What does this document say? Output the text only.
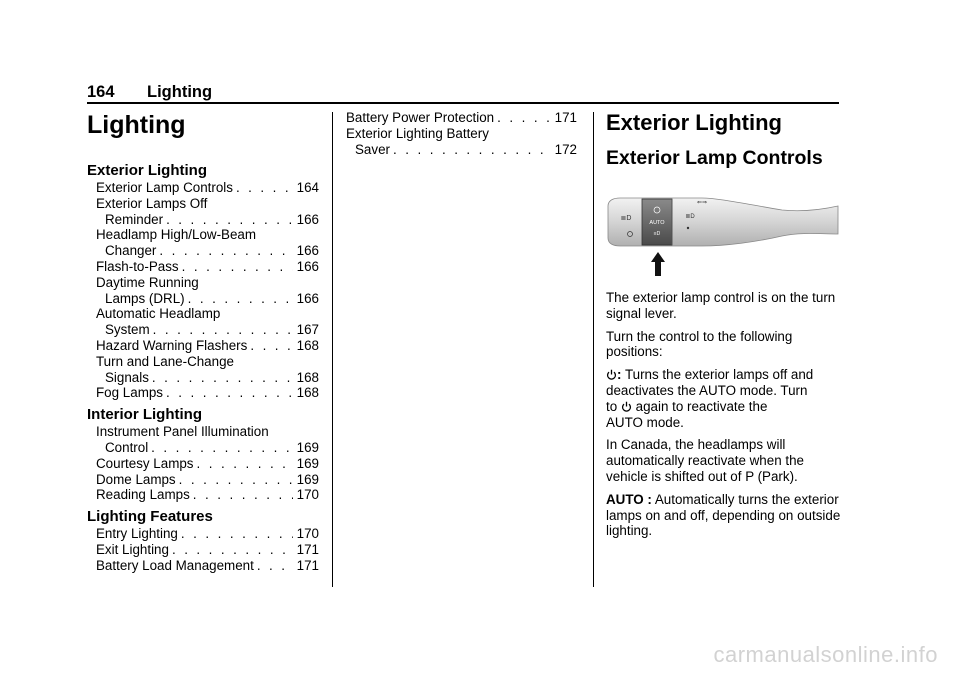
164 Lighting
Lighting
Exterior Lighting
Exterior Lamp Controls . . .	164
Exterior Lamps Off
Reminder . . .	166
Headlamp High/Low-Beam
Changer . . .	166
Flash-to-Pass . . .	166
Daytime Running
Lamps (DRL) . . .	166
Automatic Headlamp
System . . .	167
Hazard Warning Flashers . . .	168
Turn and Lane-Change
Signals . . .	168
Fog Lamps . . .	168
Interior Lighting
Instrument Panel Illumination
Control . . .	169
Courtesy Lamps . . .	169
Dome Lamps . . .	169
Reading Lamps . . .	170
Lighting Features
Entry Lighting . . .	170
Exit Lighting . . .	171
Battery Load Management . . .	171
Battery Power Protection . . .	171
Exterior Lighting Battery
Saver . . .	172
Exterior Lighting
Exterior Lamp Controls
AUTO
≡D
≣D	≣D
⇐⇒

The exterior lamp control is on the turn signal lever.

Turn the control to the following positions:

: Turns the exterior lamps off and deactivates the AUTO mode. Turn

to again to reactivate the

AUTO mode.

In Canada, the headlamps will automatically reactivate when the vehicle is shifted out of P (Park).

AUTO : Automatically turns the exterior lamps on and off, depending on outside lighting.

carmanualsonline.info
